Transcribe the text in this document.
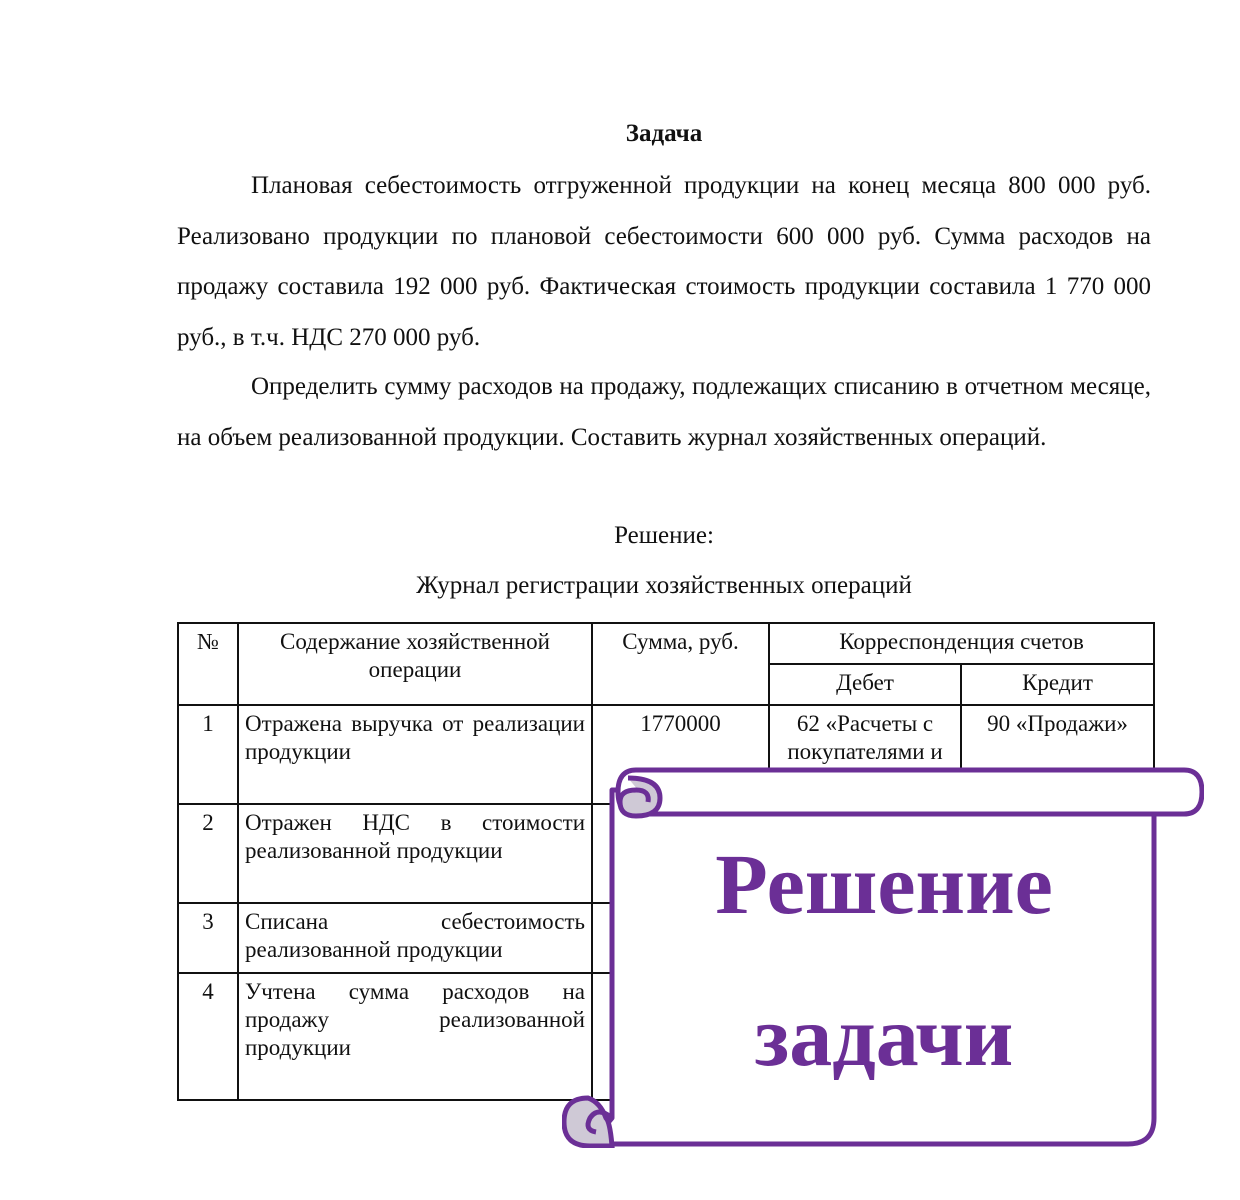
Задача
Плановая себестоимость отгруженной продукции на конец месяца 800 000 руб. Реализовано продукции по плановой себестоимости 600 000 руб. Сумма расходов на продажу составила 192 000 руб. Фактическая стоимость продукции составила 1 770 000 руб., в т.ч. НДС 270 000 руб.
Определить сумму расходов на продажу, подлежащих списанию в отчетном месяце, на объем реализованной продукции. Составить журнал хозяйственных операций.
Решение:
Журнал регистрации хозяйственных операций
№	Содержание хозяйственной операции	Сумма, руб.	Корреспонденция счетов	
			Дебет	Кредит
1	Отражена выручка от реализации продукции	1770000	62 «Расчеты с покупателями и	90 «Продажи»
2	Отражен НДС в стоимости реализованной продукции			
3	Списана себестоимость реализованной продукции			
4	Учтена сумма расходов на продажу реализованной продукции			
Решение
задачи
